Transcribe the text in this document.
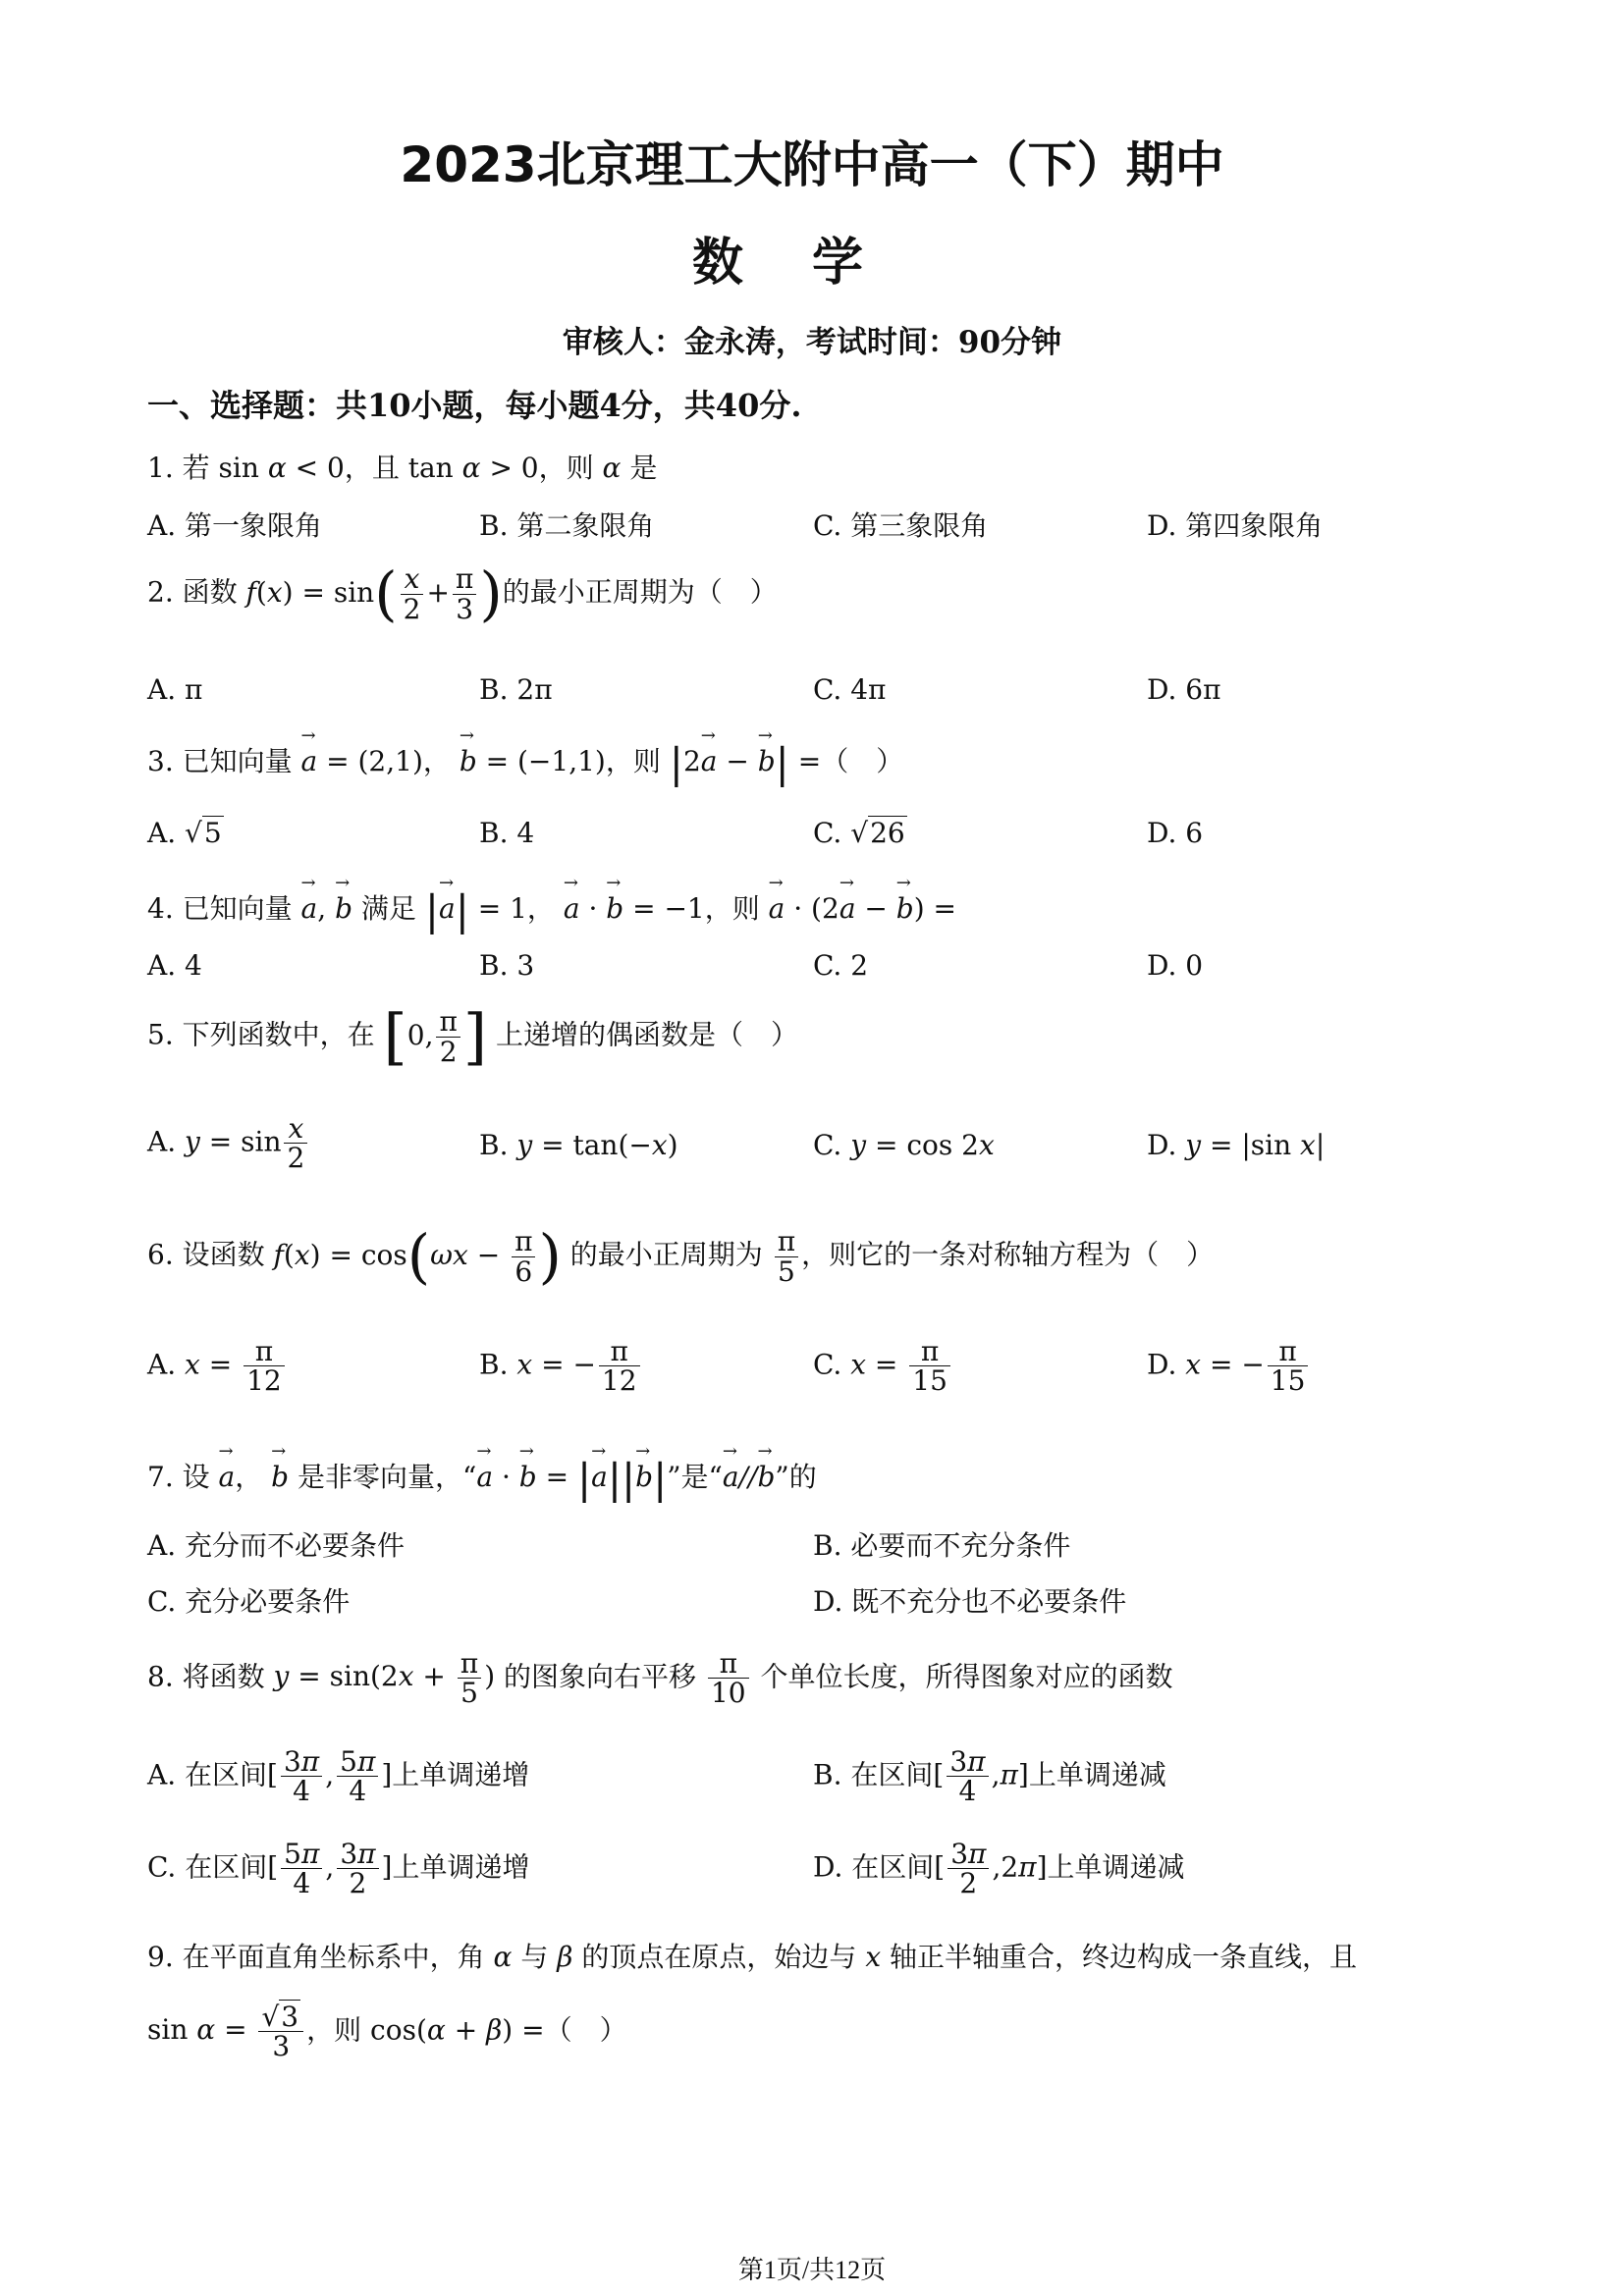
2023北京理工大附中高一（下）期中
数学
审核人：金永涛，考试时间：90分钟
一、选择题：共10小题，每小题4分，共40分.
1. 若 sin α < 0，且 tan α > 0，则 α 是
A. 第一象限角	B. 第二象限角	C. 第三象限角	D. 第四象限角
2. 函数 $f(x) = \sin( \frac{x}{2} + \frac{\pi}{3}$ )的最小正周期为（　）
A. π	B. 2π	C. 4π	D. 6π
3. 已知向量 → a = (2,1)， → b = (−1,1)，则 |2→ a − → b| =（　）
A. √5	B. 4	C. √26	D. 6
4. 已知向量 → a, → b 满足 |→ a| = 1， → a · → b = −1，则 → a · (2→ a − → b) =
A. 4	B. 3	C. 2	D. 0
5. 下列函数中，在 [0, $\frac{\pi}{2}$ ] 上递增的偶函数是（　）
A. $y = \sin \frac{x}{2}$	B. y = tan(−x)	C. y = cos 2x	D. y = |sin x|
6. 设函数 $f(x) = \cos(\omega x - \frac{\pi}{6}$ ) 的最小正周期为 $\frac{\pi}{5}$ ，则它的一条对称轴方程为（　）
A. $x = \frac{\pi}{12}$	B. x = − $\frac{\pi}{12}$	C. $x = \frac{\pi}{15}$	D. x = − $\frac{\pi}{15}$
7. 设 → a， → b 是非零向量，“→ a · → b = |→ a||→ b|”是“→ a//→ b”的
A. 充分而不必要条件	B. 必要而不充分条件
C. 充分必要条件	D. 既不充分也不必要条件
8. 将函数 $y = \sin(2x + \frac{\pi}{5}$ ) 的图象向右平移 $\frac{\pi}{10}$ 个单位长度，所得图象对应的函数
A. 在区间[ $\frac{3\pi}{4}$ , $\frac{5\pi}{4}$ ]上单调递增	B. 在区间[ $\frac{3\pi}{4} ,\pi$]上单调递减
C. 在区间[ $\frac{5\pi}{4}$ , $\frac{3\pi}{2}$ ]上单调递增	D. 在区间[ $\frac{3\pi}{2} ,2\pi$]上单调递减
9. 在平面直角坐标系中，角 α 与 β 的顶点在原点，始边与 x 轴正半轴重合，终边构成一条直线，且
$\sin \alpha = \frac{√3}{3}$ ，则 cos(α + β) =（　）
第1页/共12页
